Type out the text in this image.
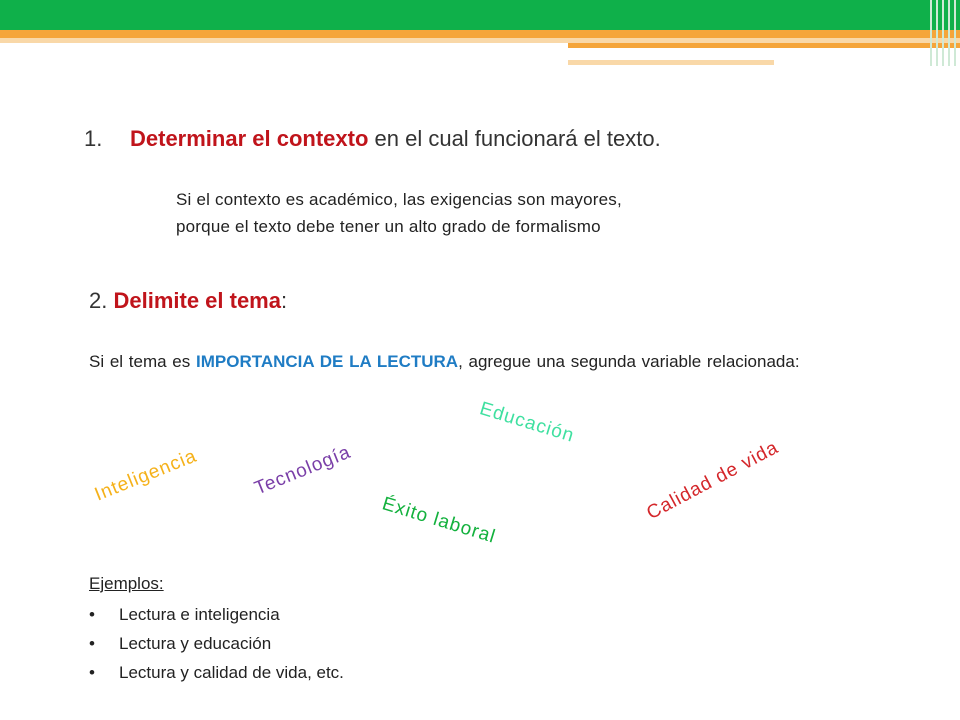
1. Determinar el contexto en el cual funcionará el texto.

Si el contexto es académico, las exigencias son mayores,
porque el texto debe tener un alto grado de formalismo

2. Delimite el tema:

Si el tema es IMPORTANCIA DE LA LECTURA, agregue una segunda variable relacionada:

Educación
Inteligencia	Tecnología
Éxito laboral	Calidad de vida

Ejemplos:

• Lectura e inteligencia
• Lectura y educación
• Lectura y calidad de vida, etc.
